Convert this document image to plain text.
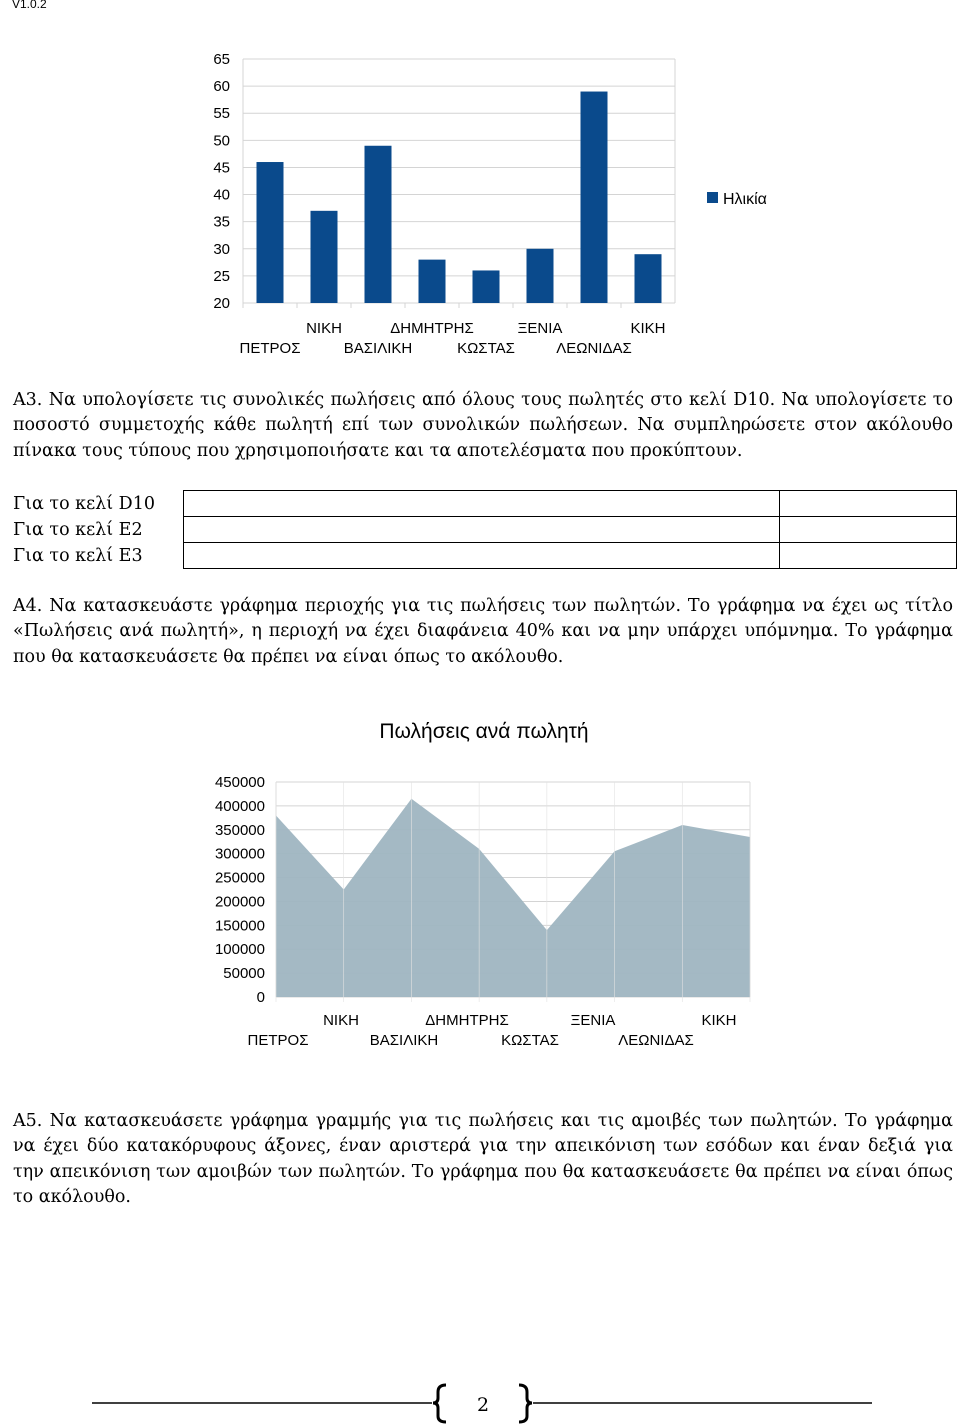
V1.0.2
65
60
55
50
45
40
35
30
25
20
ΠΕΤΡΟΣ
ΝΙΚΗ
ΒΑΣΙΛΙΚΗ
ΔΗΜΗΤΡΗΣ
ΚΩΣΤΑΣ
ΞΕΝΙΑ
ΛΕΩΝΙΔΑΣ
ΚΙΚΗ
Ηλικία

Α3. Να υπολογίσετε τις συνολικές πωλήσεις από όλους τους πωλητές στο κελί D10. Να υπολογίσετε το ποσοστό συμμετοχής κάθε πωλητή επί των συνολικών πωλήσεων. Να συμπληρώσετε στον ακόλουθο πίνακα τους τύπους που χρησιμοποιήσατε και τα αποτελέσματα που προκύπτουν.

Για το κελί D10		
Για το κελί Ε2		
Για το κελί Ε3		

Α4. Να κατασκευάστε γράφημα περιοχής για τις πωλήσεις των πωλητών. Το γράφημα να έχει ως τίτλο «Πωλήσεις ανά πωλητή», η περιοχή να έχει διαφάνεια 40% και να μην υπάρχει υπόμνημα. Το γράφημα που θα κατασκευάσετε θα πρέπει να είναι όπως το ακόλουθο.

Πωλήσεις ανά πωλητή
450000
400000
350000
300000
250000
200000
150000
100000
50000
0
ΠΕΤΡΟΣ
ΝΙΚΗ
ΒΑΣΙΛΙΚΗ
ΔΗΜΗΤΡΗΣ
ΚΩΣΤΑΣ
ΞΕΝΙΑ
ΛΕΩΝΙΔΑΣ
ΚΙΚΗ

Α5. Να κατασκευάσετε γράφημα γραμμής για τις πωλήσεις και τις αμοιβές των πωλητών. Το γράφημα να έχει δύο κατακόρυφους άξονες, έναν αριστερά για την απεικόνιση των εσόδων και έναν δεξιά για την απεικόνιση των αμοιβών των πωλητών. Το γράφημα που θα κατασκευάσετε θα πρέπει να είναι όπως το ακόλουθο.

2
